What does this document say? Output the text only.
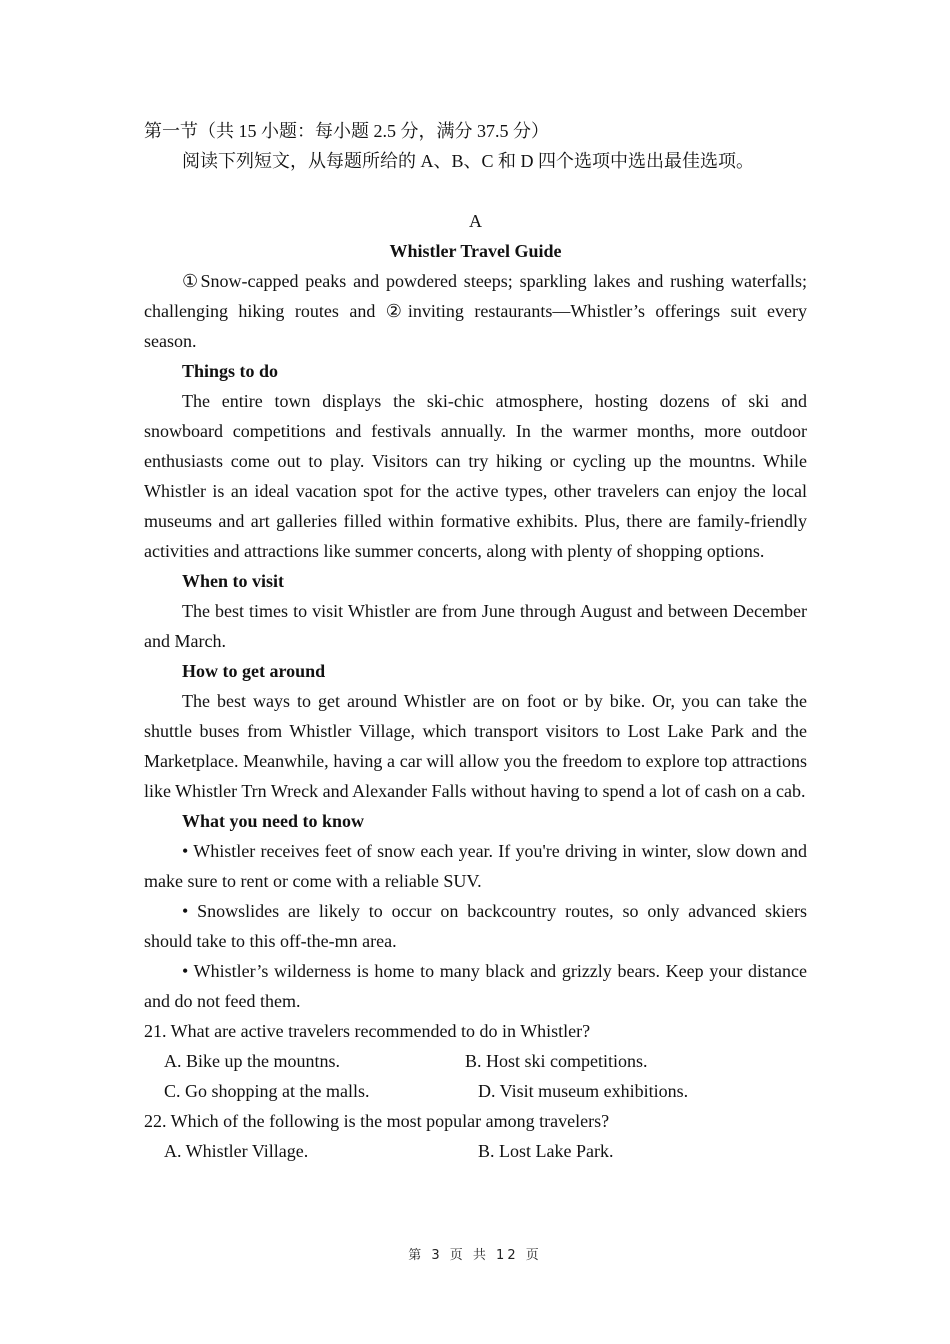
第一节（共 15 小题：每小题 2.5 分，满分 37.5 分）
阅读下列短文，从每题所给的 A、B、C 和 D 四个选项中选出最佳选项。
A
Whistler Travel Guide

①Snow-capped peaks and powdered steeps; sparkling lakes and rushing waterfalls; challenging hiking routes and ②inviting restaurants—Whistler’s offerings suit every season.

Things to do

The entire town displays the ski-chic atmosphere, hosting dozens of ski and snowboard competitions and festivals annually. In the warmer months, more outdoor enthusiasts come out to play. Visitors can try hiking or cycling up the mountns. While Whistler is an ideal vacation spot for the active types, other travelers can enjoy the local museums and art galleries filled within formative exhibits. Plus, there are family-friendly activities and attractions like summer concerts, along with plenty of shopping options.

When to visit

The best times to visit Whistler are from June through August and between December and March.

How to get around

The best ways to get around Whistler are on foot or by bike. Or, you can take the shuttle buses from Whistler Village, which transport visitors to Lost Lake Park and the Marketplace. Meanwhile, having a car will allow you the freedom to explore top attractions like Whistler Trn Wreck and Alexander Falls without having to spend a lot of cash on a cab.

What you need to know

• Whistler receives feet of snow each year. If you're driving in winter, slow down and make sure to rent or come with a reliable SUV.

• Snowslides are likely to occur on backcountry routes, so only advanced skiers should take to this off-the-mn area.

• Whistler’s wilderness is home to many black and grizzly bears. Keep your distance and do not feed them.

21. What are active travelers recommended to do in Whistler?
A. Bike up the mountns.	B. Host ski competitions.
C. Go shopping at the malls.	D. Visit museum exhibitions.
22. Which of the following is the most popular among travelers?
A. Whistler Village.	B. Lost Lake Park.
第 3 页 共 12 页
